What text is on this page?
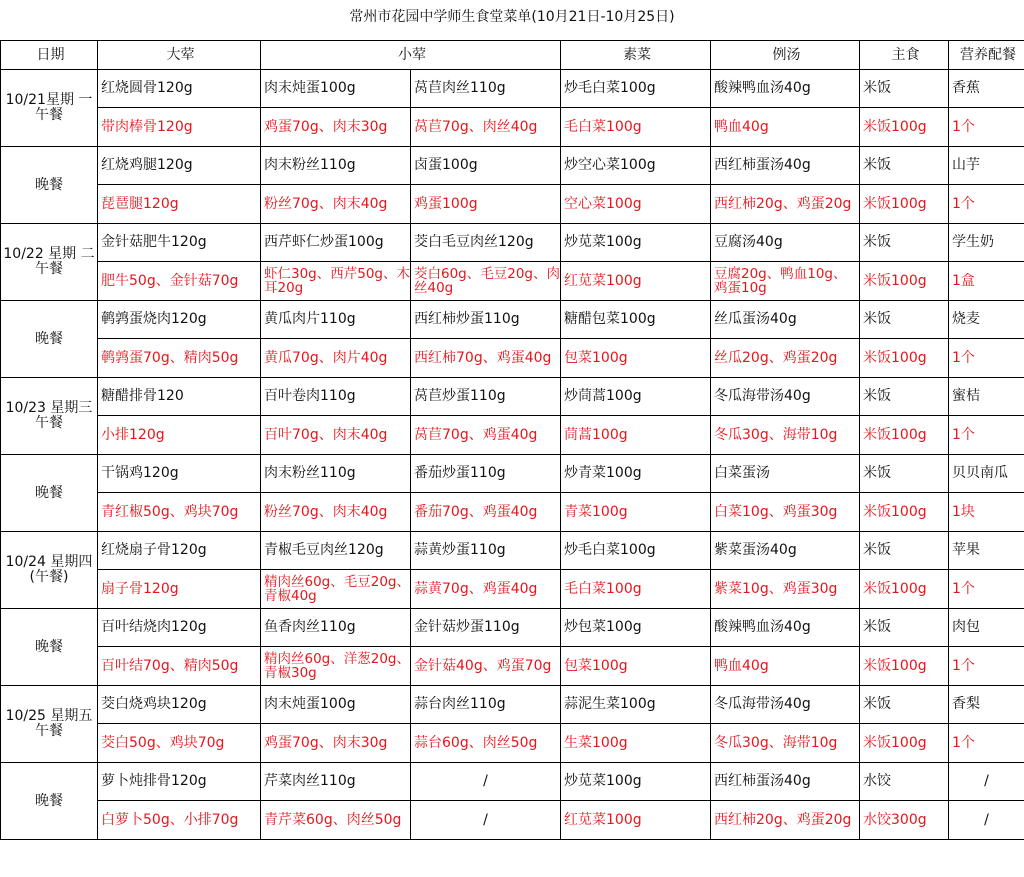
常州市花园中学师生食堂菜单(10月21日-10月25日)
日期	大荤	小荤		素菜	例汤	主食	营养配餐
10/21星期 一午餐	红烧圆骨120g	肉末炖蛋100g	莴苣肉丝110g	炒毛白菜100g	酸辣鸭血汤40g	米饭	香蕉
	带肉棒骨120g	鸡蛋70g、肉末30g	莴苣70g、肉丝40g	毛白菜100g	鸭血40g	米饭100g	1个
晚餐	红烧鸡腿120g	肉末粉丝110g	卤蛋100g	炒空心菜100g	西红柿蛋汤40g	米饭	山芋
	琵琶腿120g	粉丝70g、肉末40g	鸡蛋100g	空心菜100g	西红柿20g、鸡蛋20g	米饭100g	1个
10/22 星期 二午餐	金针菇肥牛120g	西芹虾仁炒蛋100g	茭白毛豆肉丝120g	炒苋菜100g	豆腐汤40g	米饭	学生奶
	肥牛50g、金针菇70g	虾仁30g、西芹50g、木耳20g	茭白60g、毛豆20g、肉丝40g	红苋菜100g	豆腐20g、鸭血10g、鸡蛋10g	米饭100g	1盒
晚餐	鹌鹑蛋烧肉120g	黄瓜肉片110g	西红柿炒蛋110g	糖醋包菜100g	丝瓜蛋汤40g	米饭	烧麦
	鹌鹑蛋70g、精肉50g	黄瓜70g、肉片40g	西红柿70g、鸡蛋40g	包菜100g	丝瓜20g、鸡蛋20g	米饭100g	1个
10/23 星期三午餐	糖醋排骨120	百叶卷肉110g	莴苣炒蛋110g	炒茼蒿100g	冬瓜海带汤40g	米饭	蜜桔
	小排120g	百叶70g、肉末40g	莴苣70g、鸡蛋40g	茼蒿100g	冬瓜30g、海带10g	米饭100g	1个
晚餐	干锅鸡120g	肉末粉丝110g	番茄炒蛋110g	炒青菜100g	白菜蛋汤	米饭	贝贝南瓜
	青红椒50g、鸡块70g	粉丝70g、肉末40g	番茄70g、鸡蛋40g	青菜100g	白菜10g、鸡蛋30g	米饭100g	1块
10/24 星期四(午餐)	红烧扇子骨120g	青椒毛豆肉丝120g	蒜黄炒蛋110g	炒毛白菜100g	紫菜蛋汤40g	米饭	苹果
	扇子骨120g	精肉丝60g、毛豆20g、青椒40g	蒜黄70g、鸡蛋40g	毛白菜100g	紫菜10g、鸡蛋30g	米饭100g	1个
晚餐	百叶结烧肉120g	鱼香肉丝110g	金针菇炒蛋110g	炒包菜100g	酸辣鸭血汤40g	米饭	肉包
	百叶结70g、精肉50g	精肉丝60g、洋葱20g、青椒30g	金针菇40g、鸡蛋70g	包菜100g	鸭血40g	米饭100g	1个
10/25 星期五午餐	茭白烧鸡块120g	肉末炖蛋100g	蒜台肉丝110g	蒜泥生菜100g	冬瓜海带汤40g	米饭	香梨
	茭白50g、鸡块70g	鸡蛋70g、肉末30g	蒜台60g、肉丝50g	生菜100g	冬瓜30g、海带10g	米饭100g	1个
晚餐	萝卜炖排骨120g	芹菜肉丝110g	/	炒苋菜100g	西红柿蛋汤40g	水饺	/
	白萝卜50g、小排70g	青芹菜60g、肉丝50g	/	红苋菜100g	西红柿20g、鸡蛋20g	水饺300g	/
